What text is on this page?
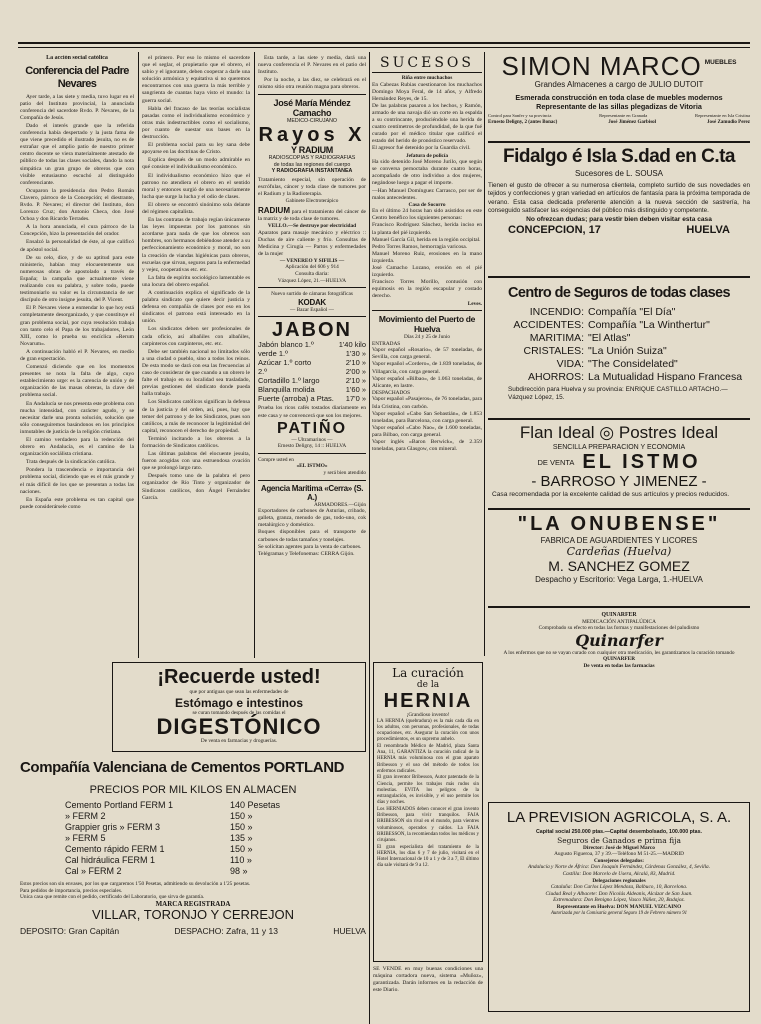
La acción social católica
Conferencia del Padre Nevares

Ayer tarde, a las siete y media, tuvo lugar en el patio del Instituto provincial, la anunciada conferencia del sacerdote Rvdo. P. Nevares, de la Compañía de Jesús.

Dado el interés grande que la referida conferencia había despertado y la justa fama de que viene precedido el ilustrado jesuita, no es de extrañar que el amplio patio de nuestro primer centro docente se viera materialmente atestado de público de todas las clases sociales, dando la nota simpática un gran grupo de obreros que con visible entusiasmo escuchó al distinguido conferenciante.

Ocuparon la presidencia don Pedro Román Clavero, párroco de la Concepción; el diestrante, Rvdo. P. Nevares; el director del Instituto, don Lorenzo Cruz; don Antonio Checa, don José Ochoa y don Ricardo Terrades.

A la hora anunciada, el cura párroco de la Concepción, hizo la presentación del orador.

Ensalzó la personalidad de éste, al que calificó de apóstol social.

De su celo, dice, y de su aptitud para este ministerio, habían muy elocuentemente sus numerosas obras de apostolado a través de España; la campaña que actualmente viene realizando con su palabra, y sobre todo, puede testimoniarlo su valor es la circunstancia de ser discípulo de otro insigne jesuita, del P. Vicent.

El P. Nevares viene a enmendar lo que hoy está completamente desorganizado, y que constituye el gran problema social, por cuya resolución trabaja con tanto celo el Papa de los trabajadores, León XIII, como lo prueba su encíclica «Rerum Novarum».

A continuación habló el P. Nevares, en medio de gran expectación.

Comenzó diciendo que en los momentos presentes se nota la falta de algo, cuyo establecimiento urge: es la carencia de unión y de organización de las masas obreras, la clave del problema social.

En Andalucía se nos presenta este problema con mucha intensidad, con carácter agudo, y se necesitar darle una pronta solución, solución que sólo conseguiremos basándonos en los principios inmutables de justicia de la religión cristiana.

El camino verdadero para la redención del obrero en Andalucía, es el camino de la organización sociálista cristiana.

Trata después de la sindicación católica.

Pondera la trascendencia e importancia del problema social, diciendo que es el más grande y el más difícil de los que se presentan a todas las naciones.

En España este problema es tan capital que puede considerársele como

el primero. Por eso lo mismo el sacerdote que el seglar, el propietario que el obrero, el sabio y el ignorante, deben cooperar a darle una solución armónica y equitativa si no queremos encontrarnos con una guerra la más terrible y sangrienta de cuantas haya visto el mundo: la guerra social.

Habla del fracaso de las teorías socialistas pasadas como el individualismo económico y otras más indestructibles como el socialismo, por cuanto de suestar sus bases en la destrucción.

El problema social para su ley sana debe apoyarse en las doctrinas de Cristo.

Explica después de un modo admirable en qué consiste el individualismo económico.

El individualismo económico hizo que el patrono no atendiera el obrero en el sentido moral y entonces surgió de una necesariamente lucha que surge la lucha y el odio de clases.

El obrero se encontró sinónimo sola delante del régimen capitalista.

En las contratas de trabajo regían únicamente las leyes impuestas por los patronos sin acordarse para nada de que los obreros son hombres, son hermanos debiéndose atender a su perfeccionamiento económico y moral, no son la creación de viandas higiénicas para obreros, escuelas que sirvan, seguros para la enfermedad y vejez, cooperativas etc. etc.

La falta de espíritu sociológico lamentable es una locura del obrero español.

A continuación explica el significado de la palabra sindicato que quiere decir justicia y defensa en compañía de clases por eso en los sindicatos el patrono está interesado en la unión.

Los sindicatos deben ser profesionales de cada oficio, así albañiles con albañiles, carpinteros con carpinteros, etc. etc.

Debe ser también nacional no limitados sólo a una ciudad o pueblo, sino a todos los reinos. De esta modo se dará con esa las frecuencias al caso de considerar de que cuando a un obrero le falte el trabajo en su localidad sea trasladado, previas gestiones del sindicato donde pueda halla trabajo.

Los Sindicatos católicos significan la defensa de la justicia y del orden, así, pues, hay que temer del patrono y de los Sindicatos, pues son católicos, a más de reconocer la legitimidad del capital, reconocen el derecho de propiedad.

Terminó incitando a los obreros a la formación de Sindicatos católicos.

Las últimas palabras del elocuente jesuita, fueron acogidas con una estruendosa ovación que se prolongó largo rato.

Después tomo uno de la palabra el pero organizador de Río Tinto y organizador de Sindicatos católicos, don Ángel Fernández García.

Esta tarde, a las siete y media, dará una nueva conferencia el P. Nevares en el patio del Instituto.

Por la noche, a las diez, se celebrará en el mismo sitio otra reunión magna para obreros.

José María Méndez Camacho
MEDICO-CIRUJANO
Rayos X
Y RADIUM
RADIOSCOPIAS Y RADIOGRAFIAS
de todas las regiones del cuerpo
Y RADIOGRAFIA INSTANTANEA
Tratamiento especial, sin operación de escrófulas, cáncer y toda clase de tumores por el Radium y la Radioterapia.
Gabinete Electroterápico
RADIUM para el tratamiento del cáncer de la matriz y de toda clase de tumores.
VELLO.—Se destruye por electricidad
Aparatos para masaje mecánico y eléctrico :: Duchas de aire caliente y frío. Consultas de Medicina y Cirugía — Partos y enfermedades de la mujer
— VENEREO Y SIFILIS —
Aplicación del 606 y 914
Consulta diaria:
Vázquez López, 21.—HUELVA
Nuevo surtido de cámaras fotográficas
KODAK
— Bazar Español —
JABON
Jabón blanco 1.º	1'40 kilo
verde 1.º	1'30 »
Azúcar 1.º corto	2'10 »
2.º	2'00 »
Cortadillo 1.º largo	2'10 »
Blanquilla molida	1'60 »
Fuerte (arroba) a Ptas. 17'0 »
Prueba los ricos cafés tostados diariamente en este casa y se convencerá que son los mejores.
PATIÑO
— Ultramarinos —
Ernesto Deligny, 14 :: HUELVA
Compre usted en
«EL ISTMO»
y será bien atendido
Agencia Marítima «Cerra» (S. A.)
ARMADORES.—Gijón
Exportadores de carbones de Asturias, cribado, galleta, granza, menudo de gas, todo-uno, cok metalúrgico y doméstico.
Buques disponibles para el transporte de carbones de todas tamaños y tonelajes.
Se solicitan agentes para la venta de carbones.
Telégramas y Telefonemas: CERRA Gijón.
SUCESOS
Riña entre muchachos
En Cabezas Rubias cuestionaron los muchachos Domingo Moya Feral, de 14 años, y Alfredo Hernández Reyes, de 15.
De las palabras pasaron a los hechos, y Ramón, armado de una navaja dió un corte en la espalda a su contrincante, produciéndole una herida de cuatro centímetros de profundidad, de la que fué curado por el médico titular que calificó el estado del herido de pronóstico reservado.
El agresor fué detenido por la Guardia civil.
Jefatura de policía
Ha sido detenido José Moreno Jurilo, que según se conversa pernoctaba durante cuatro horas, acompañado de otro individuo a dos mujeres, negándose luego a pagar el importe.
—Han Manuel Domínguez Carrasco, por ser de malos antecedentes.
Casa de Socorro
En el último 24 horas han sido asistidos en este Centro benéfico los siguientes personas:
Francisco Rodríguez Sánchez, herida inciso en la planta del pié izquierdo.
Manuel García Gil, herida en la región occipital.
Pedro Torres Ramos, hemorragia varicosa.
Manuel Moreno Ruiz, erosiones en la mano izquierda.
José Camacho Lozano, erosión en el pié izquierdo.
Francisco Torres Morillo, contusión con equimosis en la región escapular y costado derecho.
Leves.
Movimiento del Puerto de Huelva
Días 24 y 25 de Junio
ENTRADAS
Vapor español «Rosario», de 57 toneladas, de Sevilla, con carga general.
Vapor español «Cordero», de 1.839 toneladas, de Villagarcía, con carga general.
Vapor español «Bilbao», de 1.063 toneladas, de Alicante, en lastre.
DESPACHADOS
Vapor español «Pasajeros», de 76 toneladas, para Isla Cristina, con carbón.
Vapor español «Cabo San Sebastián», de 1.853 toneladas, para Barcelona, con carga general.
Vapor español «Cabo Nao», de 1.600 toneladas, para Bilbao, con carga general.
Vapor inglés «Baron Berwick», de 2.359 toneladas, para Glasgow, con mineral.
SIMON MARCO MUEBLES
Grandes Almacenes a cargo de JULIO DUTOIT
Esmerada construcción en toda clase de muebles modernos
Representante de las sillas plegadizas de Vitoria
Control para Sanfer y su provincia	Representante en Granada	Representante en Isla Cristina
Ernesto Deligny, 2 (antes Bonac)	José Jiménez Garbisol	José Zamudio Perez
Fidalgo é Isla S.dad en C.ta
Sucesores de L. SOUSA
Tienen el gusto de ofrecer a su numerosa clientela, completo surtido de sus novedades en tejidos y confecciones y gran variedad en artículos de fantasía para la próxima temporada de verano. Esta casa dedicada preferente atención a la nueva sección de sastrería, ha conseguido satisfacer las exigencias del público más distinguido y competente.
No ofrezcan dudas; para vestir bien deben visitar esta casa
CONCEPCION, 17	HUELVA
Centro de Seguros de todas clases
INCENDIO: Compañía "El Día"
ACCIDENTES: Compañía "La Winthertur"
MARITIMA: "El Atlas"
CRISTALES: "La Unión Suiza"
VIDA: "The Considelated"
AHORROS: La Mutualidad Hispano Francesa
Subdirección para Huelva y su provincia: ENRIQUE CASTILLO ARTACHO.—Vázquez López, 15.
Flan Ideal ◎ Postres Ideal
SENCILLA PREPARACION Y ECONOMIA
DE VENTA EL ISTMO
- BARROSO Y JIMENEZ -
Casa recomendada por la excelente calidad de sus artículos y precios reducidos.
"LA ONUBENSE"
FABRICA DE AGUARDIENTES Y LICORES
Cardeñas (Huelva)
M. SANCHEZ GOMEZ
Despacho y Escritorio: Vega Larga, 1.-HUELVA
QUINARFER
MEDICACIÓN ANTIPALÚDICA
Comprobado su efecto en todas las formas y manifestaciones del paludismo
Quinarfer
A los enfermos que no se vayan curado con cualquier otra medicación, les garantizamos la curación tomando
QUINARFER
De venta en todas las farmacias
LA PREVISION AGRICOLA, S. A.
Capital social 250.000 ptas.—Capital desembolsado, 100.000 ptas.
Seguros de Ganados e prima fija
Director: José de Miguel Marco
Augusto Figueroa, 37 y 39.—Teléfono M 51-25.—MADRID
Consejeros delegados:
Andalucía y Norte de África: Don Joaquín Fernández, Cárdenas González, 4, Sevilla.
Castilla: Don Marcelo de Usera, Alcalá, 83, Madrid.
Delegaciones regionales
Cataluña: Don Carlos López Mendoza, Balbuco, 10, Barcelona.
Ciudad Real y Albacete: Don Nicolás Aldeanis, Alcázar de San Juan.
Extremadura: Don Benigno López, Vasco Núñez, 20, Badajoz.
Representante en Huelva: DON MANUEL VIZCAINO
Autorizada por la Comisaría general Seguro 19 de Febrero número 91
La curación
de la
HERNIA
¡Grandioso invento!
LA HERNIA (quebradura) es la más cada día en los adultos, con personas, profesionales, de todas ocupaciones, etc. Asegurar la curación con unos procedimientos, es un supremo anhelo.
El renombrado Médico de Madrid, plaza Santa Ana, 11, GARANTIZA la curación radical de la HERNIA más voluminosa con el gran aparato Bribesson y el uso del método de todos los enfermos radicales.
El gran inventor Bribesson, Autor patentado de la Ciencia, permite los trabajos más rudos sin molestias. EVITA los peligros de la estrangulación, es invisible, y el uso permite los días y noches.
Los HERNIADOS deben conocer el gran invento Bribesson, para vivir tranquilos. FAJA BRIBESSON sin rival en el mundo, para vientres voluminosos, operados y caídos. La FAJA BRIBESSON, la recomiendan todos los médicos y cirujanos.
El gran especialista del tratamiento de la HERNIA, los días 6 y 7 de julio, visitará en el Hotel Internacional de 10 a 1 y de 3 a 7, El último día sale visitará de 9 a 12.
SE VENDE en muy buenas condiciones una máquina cortadora nueva, sistema «Muñoz», garantizada. Darán informes en la redacción de este Diario.
¡Recuerde usted!
que por antiguas que sean las enfermedades de
Estómago e intestinos
se curan tomando después de las comidas el
DIGESTÓNICO
De venta en farmacias y droguerías.
Compañía Valenciana de Cementos PORTLAND
PRECIOS POR MIL KILOS EN ALMACEN
Cemento Portland FERM 1	140 Pesetas
» FERM 2	150 »
Grappier gris » FERM 3	150 »
» FERM 5	135 »
Cemento rápido FERM 1	150 »
Cal hidráulica FERM 1	110 »
Cal » FERM 2	98 »
Estos precios son sin envases, por los que cargaremos 1'50 Pesetas, admitiendo su devolución a 1'25 pesetas.
Para pedidos de importancia, precios especiales.
Unica casa que remite con el pedido, certificado del Laboratorio, que sirva de garantía.
MARCA REGISTRADA
VILLAR, TORONJO Y CERREJON
DEPOSITO: Gran Capitán	DESPACHO: Zafra, 11 y 13	HUELVA
